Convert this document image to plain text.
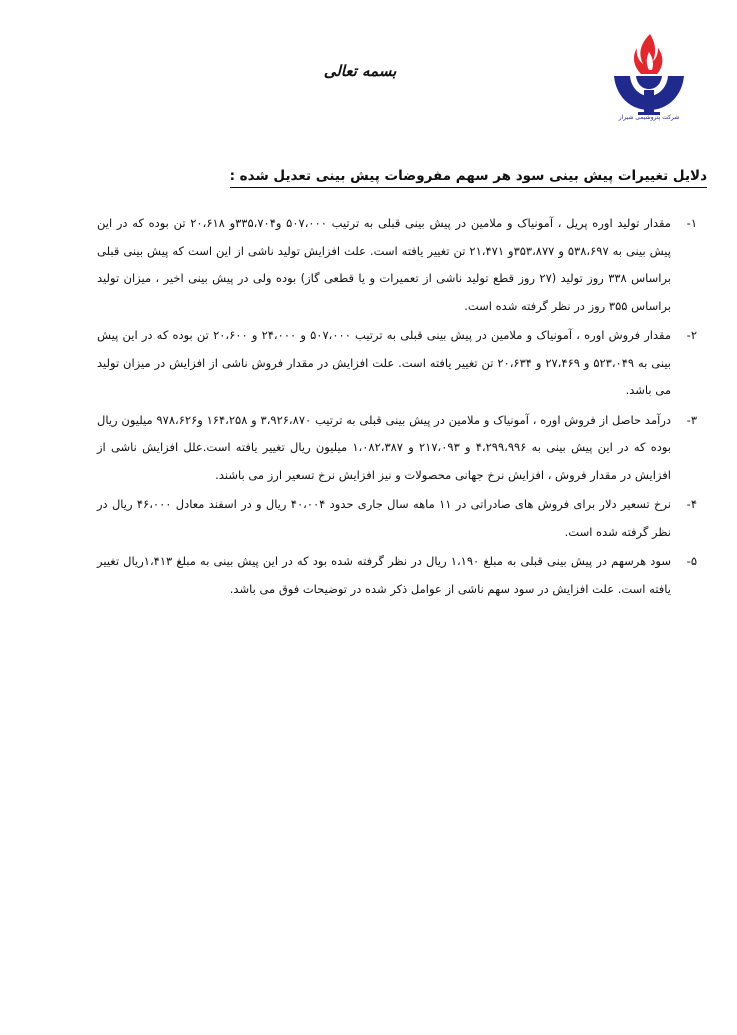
شرکت پتروشیمی شیراز
بسمه تعالی
دلایل تغییرات پیش بینی سود هر سهم مفروضات پیش بینی تعدیل شده :
۱-
مقدار تولید اوره پریل ، آمونیاک و ملامین در پیش بینی قبلی به ترتیب ۵۰۷،۰۰۰ و۳۳۵،۷۰۴و ۲۰،۶۱۸ تن بوده که در این پیش بینی به ۵۳۸،۶۹۷ و ۳۵۳،۸۷۷و ۲۱،۴۷۱ تن تغییر یافته است. علت افزایش تولید ناشی از این است که پیش بینی قبلی براساس ۳۳۸ روز تولید (۲۷ روز قطع تولید ناشی از تعمیرات و یا قطعی گاز) بوده ولی در پیش بینی اخیر ، میزان تولید براساس ۳۵۵ روز در نظر گرفته شده است.
۲-
مقدار فروش اوره ، آمونیاک و ملامین در پیش بینی قبلی به ترتیب ۵۰۷،۰۰۰ و ۲۴،۰۰۰ و ۲۰،۶۰۰ تن بوده که در این پیش بینی به ۵۲۳،۰۴۹ و ۲۷،۴۶۹ و ۲۰،۶۳۴ تن تغییر یافته است. علت افزایش در مقدار فروش ناشی از افزایش در میزان تولید می باشد.
۳-
درآمد حاصل از فروش اوره ، آمونیاک و ملامین در پیش بینی قبلی به ترتیب ۳،۹۲۶،۸۷۰ و ۱۶۴،۲۵۸ و۹۷۸،۶۲۶ میلیون ریال بوده که در این پیش بینی به ۴،۲۹۹،۹۹۶ و ۲۱۷،۰۹۳ و ۱،۰۸۲،۳۸۷ میلیون ریال تغییر یافته است.علل افزایش ناشی از افزایش در مقدار فروش ، افزایش نرخ جهانی محصولات و نیز افزایش نرخ تسعیر ارز می باشند.
۴-
نرخ تسعیر دلار برای فروش های صادراتی در ۱۱ ماهه سال جاری حدود ۴۰،۰۰۴ ریال و در اسفند معادل ۴۶،۰۰۰ ریال در نظر گرفته شده است.
۵-
سود هرسهم در پیش بینی قبلی به مبلغ ۱،۱۹۰ ریال در نظر گرفته شده بود که در این پیش بینی به مبلغ ۱،۴۱۳ریال تغییر یافته است. علت افزایش در سود سهم ناشی از عوامل ذکر شده در توضیحات فوق می باشد.
